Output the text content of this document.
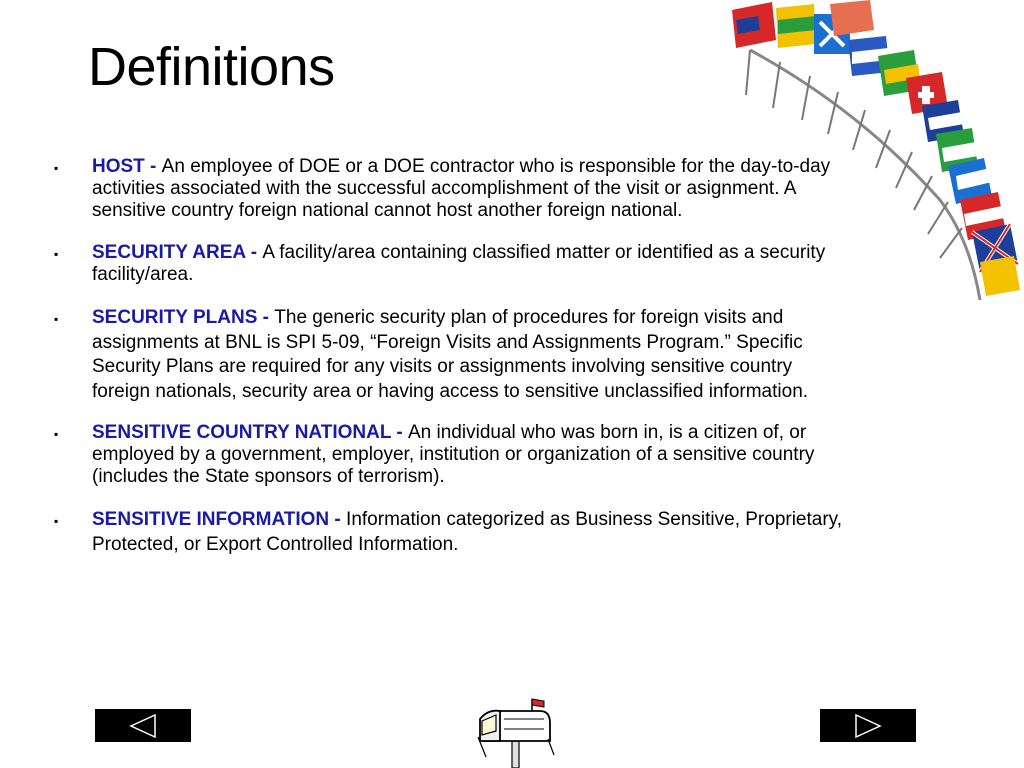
Definitions
▪ HOST - An employee of DOE or a DOE contractor who is responsible for the day-to-day activities associated with the successful accomplishment of the visit or asignment. A sensitive country foreign national cannot host another foreign national.
▪ SECURITY AREA - A facility/area containing classified matter or identified as a security facility/area.
▪ SECURITY PLANS - The generic security plan of procedures for foreign visits and assignments at BNL is SPI 5-09, “Foreign Visits and Assignments Program.” Specific Security Plans are required for any visits or assignments involving sensitive country foreign nationals, security area or having access to sensitive unclassified information.
▪ SENSITIVE COUNTRY NATIONAL - An individual who was born in, is a citizen of, or employed by a government, employer, institution or organization of a sensitive country (includes the State sponsors of terrorism).
▪ SENSITIVE INFORMATION - Information categorized as Business Sensitive, Proprietary, Protected, or Export Controlled Information.
